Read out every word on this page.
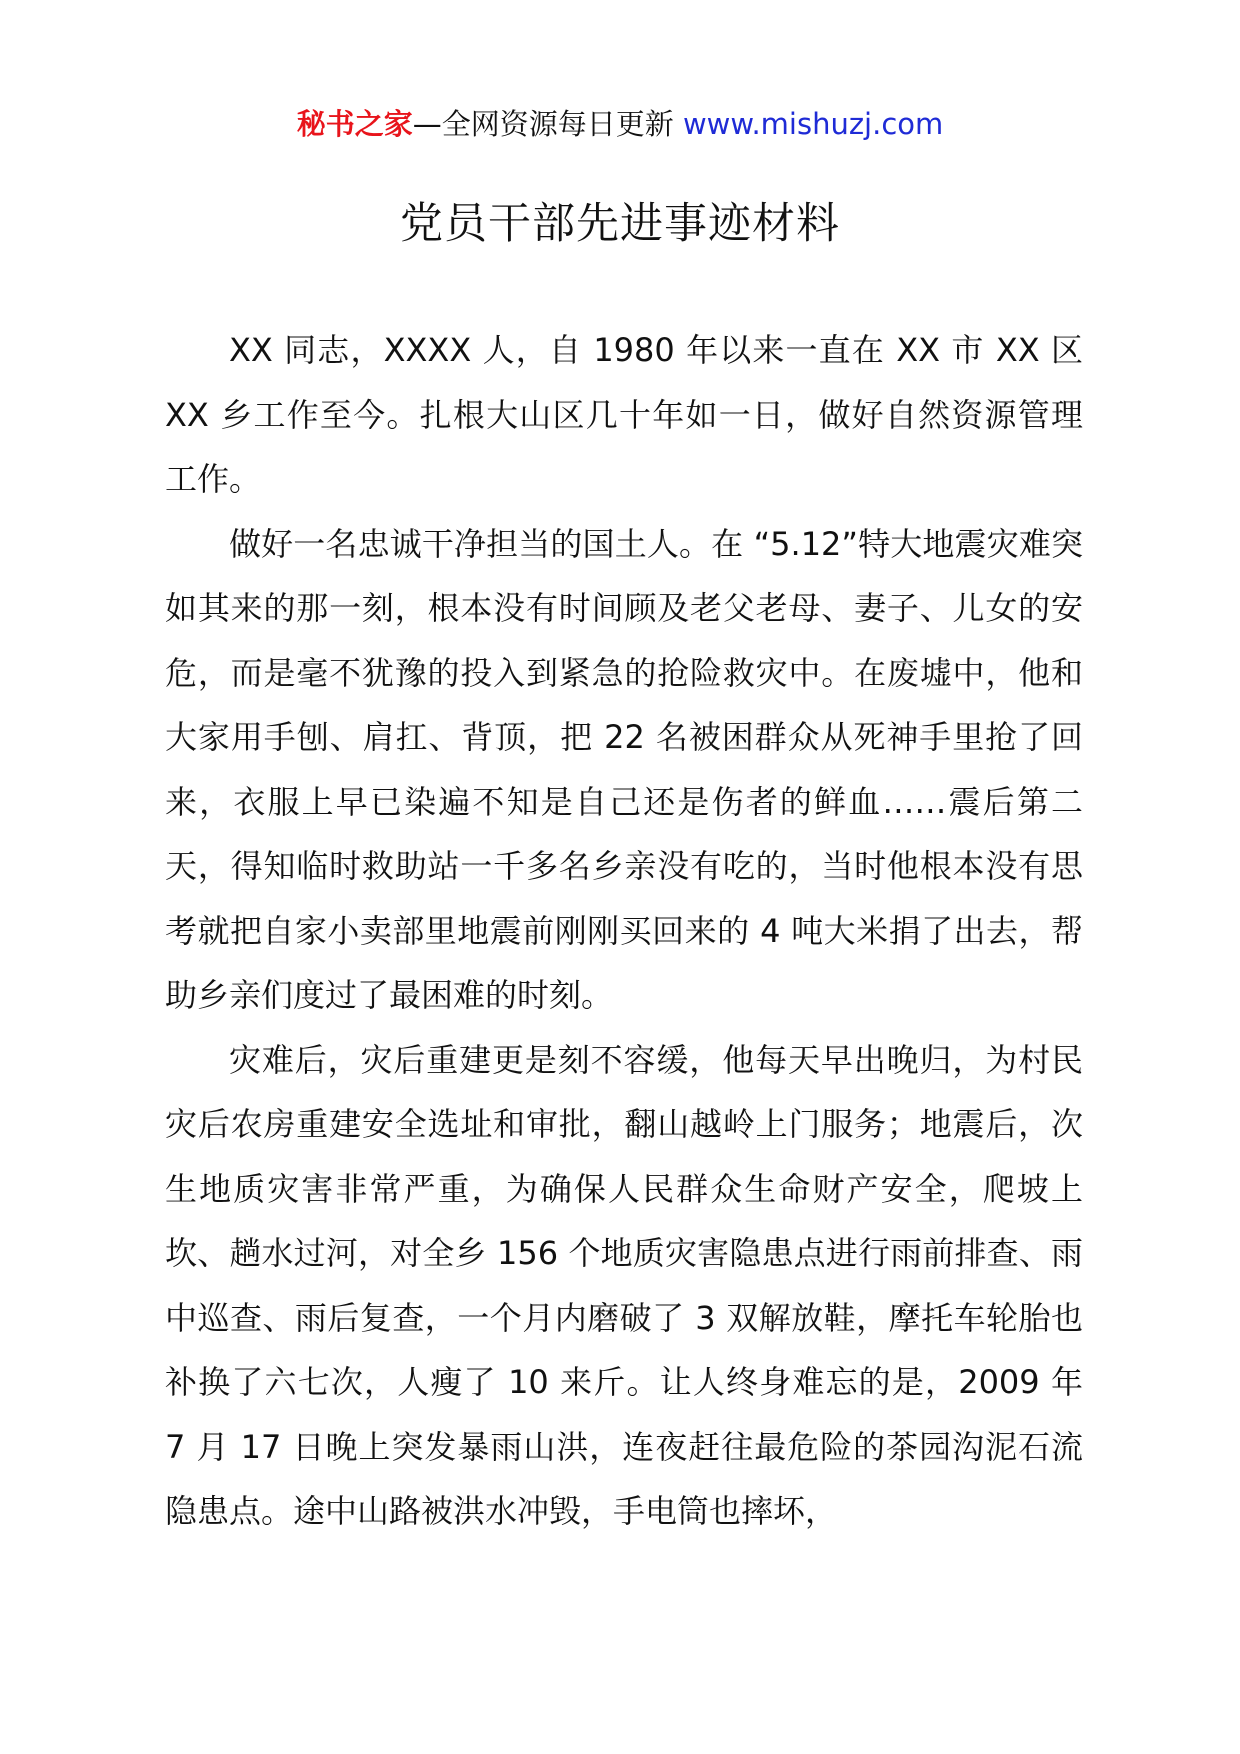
秘书之家—全网资源每日更新 www.mishuzj.com
党员干部先进事迹材料

XX 同志，XXXX 人，自 1980 年以来一直在 XX 市 XX 区 XX 乡工作至今。扎根大山区几十年如一日，做好自然资源管理工作。

做好一名忠诚干净担当的国土人。在 “5.12”特大地震灾难突如其来的那一刻，根本没有时间顾及老父老母、妻子、儿女的安危，而是毫不犹豫的投入到紧急的抢险救灾中。在废墟中，他和大家用手刨、肩扛、背顶，把 22 名被困群众从死神手里抢了回来，衣服上早已染遍不知是自己还是伤者的鲜血……震后第二天，得知临时救助站一千多名乡亲没有吃的，当时他根本没有思考就把自家小卖部里地震前刚刚买回来的 4 吨大米捐了出去，帮助乡亲们度过了最困难的时刻。

灾难后，灾后重建更是刻不容缓，他每天早出晚归，为村民灾后农房重建安全选址和审批，翻山越岭上门服务；地震后，次生地质灾害非常严重，为确保人民群众生命财产安全，爬坡上坎、趟水过河，对全乡 156 个地质灾害隐患点进行雨前排查、雨中巡查、雨后复查，一个月内磨破了 3 双解放鞋，摩托车轮胎也补换了六七次，人瘦了 10 来斤。让人终身难忘的是，2009 年 7 月 17 日晚上突发暴雨山洪，连夜赶往最危险的茶园沟泥石流隐患点。途中山路被洪水冲毁，手电筒也摔坏，
